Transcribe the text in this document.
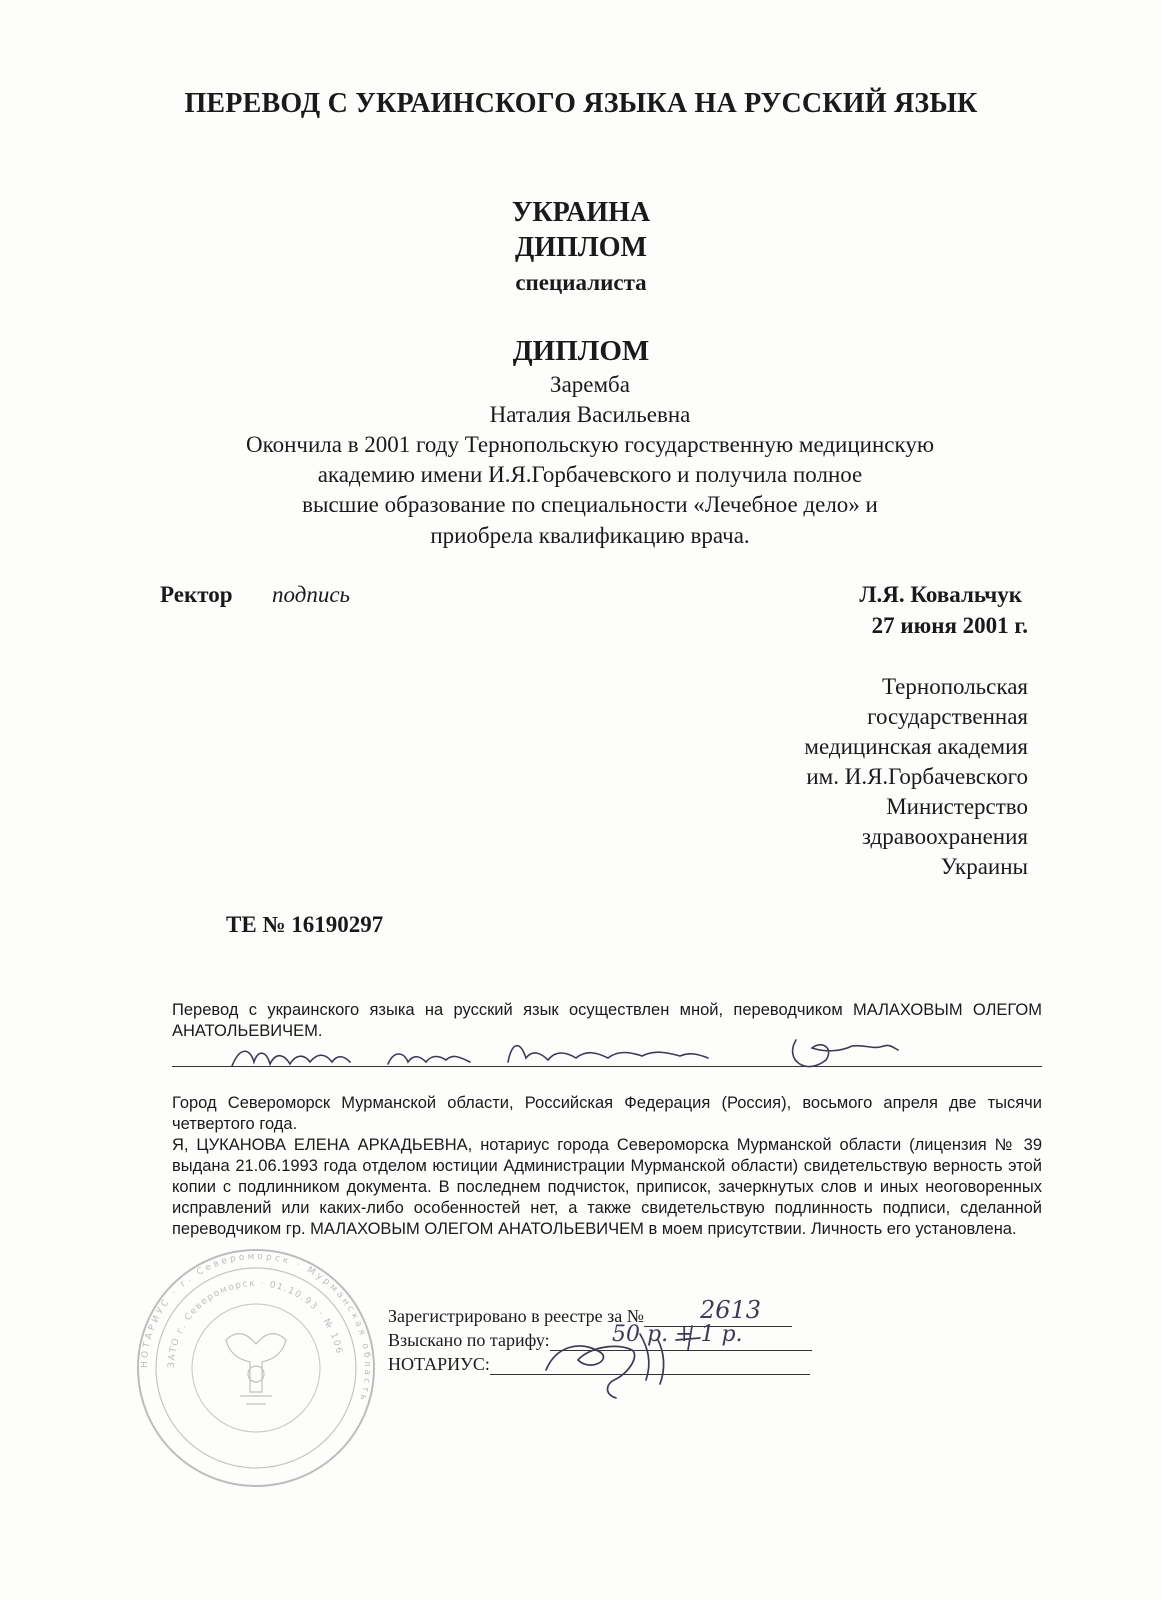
ПЕРЕВОД С УКРАИНСКОГО ЯЗЫКА НА РУССКИЙ ЯЗЫК
УКРАИНА
ДИПЛОМ
специалиста
ДИПЛОМ
Заремба
Наталия Васильевна
Окончила в 2001 году Тернопольскую государственную медицинскую
академию имени И.Я.Горбачевского и получила полное
высшие образование по специальности «Лечебное дело» и
приобрела квалификацию врача.
Ректор подпись	Л.Я. Ковальчук
27 июня 2001 г.
Тернопольская
государственная
медицинская академия
им. И.Я.Горбачевского
Министерство
здравоохранения
Украины
ТЕ № 16190297
Перевод с украинского языка на русский язык осуществлен мной, переводчиком МАЛАХОВЫМ ОЛЕГОМ АНАТОЛЬЕВИЧЕМ.
Город Североморск Мурманской области, Российская Федерация (Россия), восьмого апреля две тысячи четвертого года.
Я, ЦУКАНОВА ЕЛЕНА АРКАДЬЕВНА, нотариус города Североморска Мурманской области (лицензия № 39 выдана 21.06.1993 года отделом юстиции Администрации Мурманской области) свидетельствую верность этой копии с подлинником документа. В последнем подчисток, приписок, зачеркнутых слов и иных неоговоренных исправлений или каких-либо особенностей нет, а также свидетельствую подлинность подписи, сделанной переводчиком гр. МАЛАХОВЫМ ОЛЕГОМ АНАТОЛЬЕВИЧЕМ в моем присутствии. Личность его установлена.
Зарегистрировано в реестре за №
Взыскано по тарифу:
НОТАРИУС:
2613
50 р. + 1 р.
НОТАРИУС · г. Североморск · Мурманская область
ЗАТО г. Североморск · 01.10.93 · № 106
